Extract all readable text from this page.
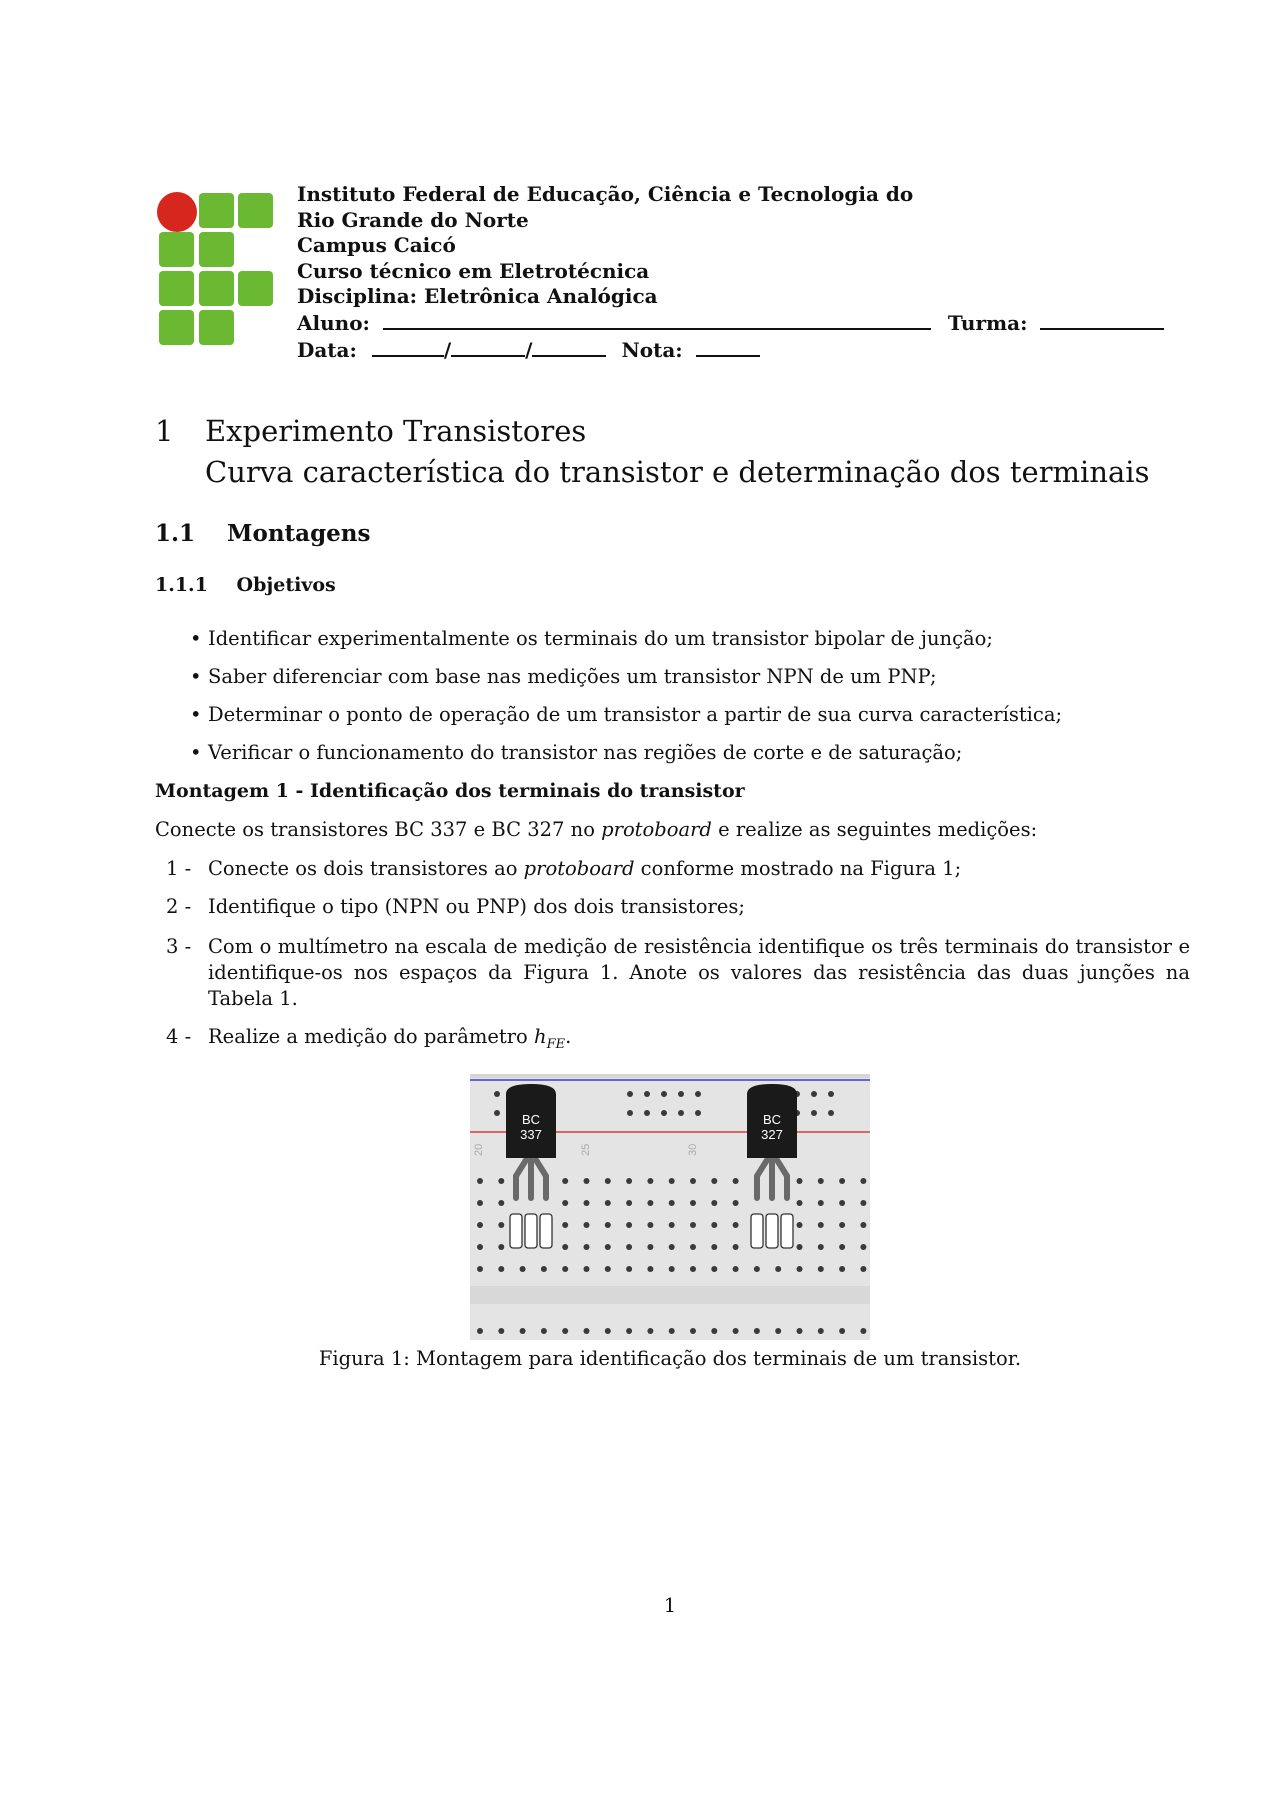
Instituto Federal de Educação, Ciência e Tecnologia do
Rio Grande do Norte
Campus Caicó
Curso técnico em Eletrotécnica
Disciplina: Eletrônica Analógica
Aluno:	Turma:
Data:	/	/	Nota:
1 Experimento Transistores
Curva característica do transistor e determinação dos terminais
1.1 Montagens
1.1.1 Objetivos
• Identificar experimentalmente os terminais do um transistor bipolar de junção;
• Saber diferenciar com base nas medições um transistor NPN de um PNP;
• Determinar o ponto de operação de um transistor a partir de sua curva característica;
• Verificar o funcionamento do transistor nas regiões de corte e de saturação;
Montagem 1 - Identificação dos terminais do transistor
Conecte os transistores BC 337 e BC 327 no protoboard e realize as seguintes medições:
1 - Conecte os dois transistores ao protoboard conforme mostrado na Figura 1;
2 - Identifique o tipo (NPN ou PNP) dos dois transistores;
3 - Com o multímetro na escala de medição de resistência identifique os três terminais do transistor e identifique-os nos espaços da Figura 1. Anote os valores das resistência das duas junções na Tabela 1.
4 - Realize a medição do parâmetro $h_{FE}$.
20	25	30
BC
337
BC
327
Figura 1: Montagem para identificação dos terminais de um transistor.
1
